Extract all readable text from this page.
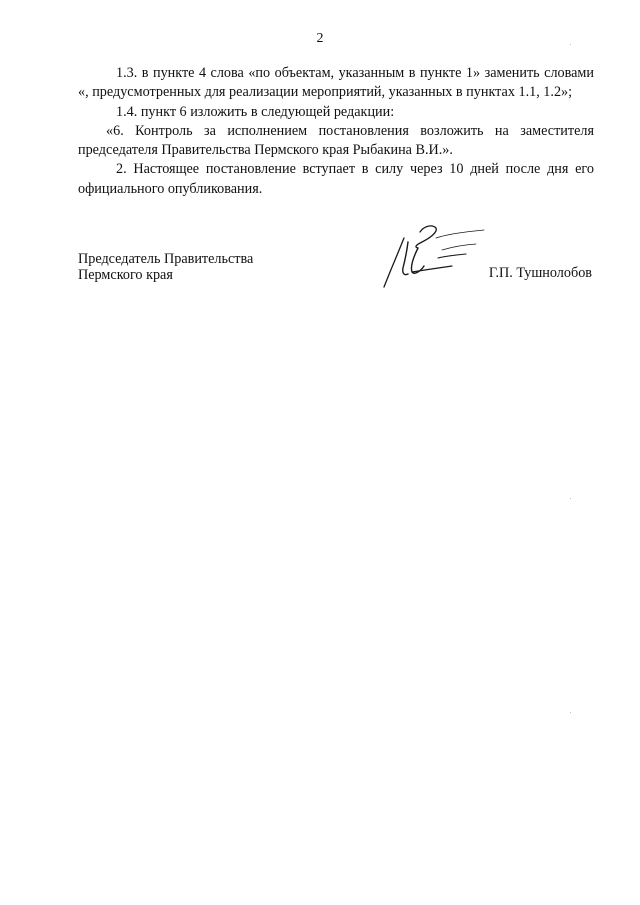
2

1.3. в пункте 4 слова «по объектам, указанным в пункте 1» заменить словами «, предусмотренных для реализации мероприятий, указанных в пунктах 1.1, 1.2»;

1.4. пункт 6 изложить в следующей редакции:

«6. Контроль за исполнением постановления возложить на заместителя председателя Правительства Пермского края Рыбакина В.И.».

2. Настоящее постановление вступает в силу через 10 дней после дня его официального опубликования.

Председатель Правительства
Пермского края	Г.П. Тушнолобов
